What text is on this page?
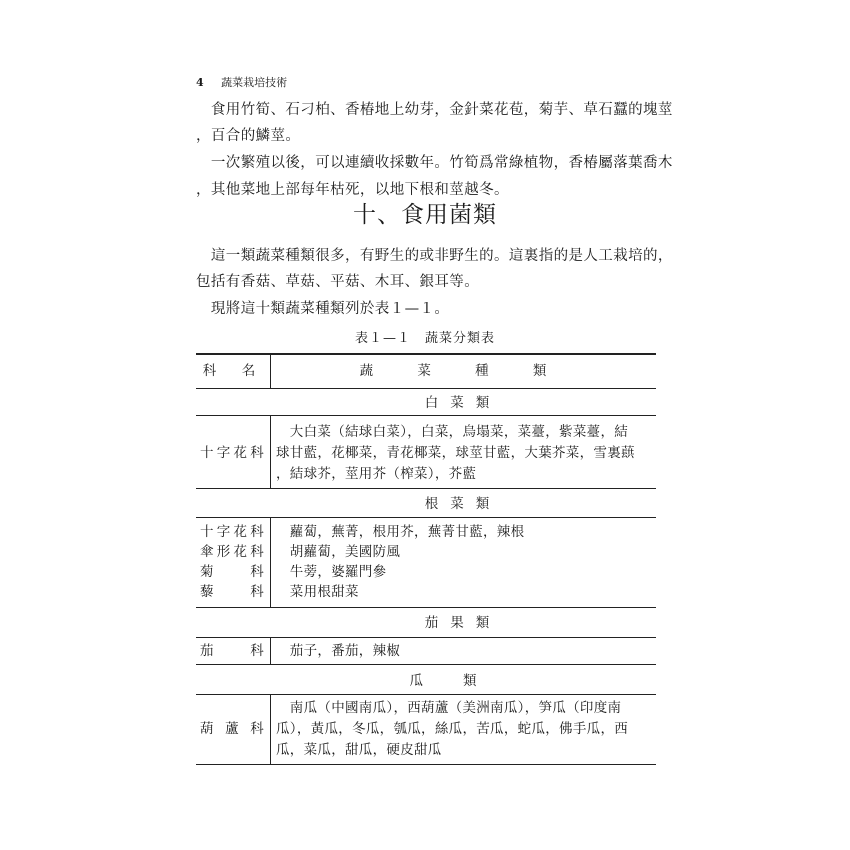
4 蔬菜栽培技術
　食用竹筍、石刁柏、香椿地上幼芽，金針菜花苞，菊芋、草石蠶的塊莖
，百合的鱗莖。
　一次繁殖以後，可以連續收採數年。竹筍爲常綠植物，香椿屬落葉喬木
，其他菜地上部每年枯死，以地下根和莖越冬。
十、食用菌類
　這一類蔬菜種類很多，有野生的或非野生的。這裏指的是人工栽培的，
包括有香菇、草菇、平菇、木耳、銀耳等。
　現將這十類蔬菜種類列於表１—１。
表１—１　蔬菜分類表
科　名	蔬 菜 種 類
白菜類
十字花科
　大白菜（結球白菜），白菜，烏塌菜，菜薹，紫菜薹，結
球甘藍，花椰菜，青花椰菜，球莖甘藍，大葉芥菜，雪裏蕻
，結球芥，莖用芥（榨菜），芥藍
根菜類
十字花科 　蘿蔔，蕪菁，根用芥，蕪菁甘藍，辣根
傘形花科 　胡蘿蔔，美國防風
菊科 　牛蒡，婆羅門參
藜科 　菜用根甜菜
茄果類
茄科 　茄子，番茄，辣椒
瓜類
葫蘆科
　南瓜（中國南瓜），西葫蘆（美洲南瓜），笋瓜（印度南
瓜），黃瓜，冬瓜，瓠瓜，絲瓜，苦瓜，蛇瓜，佛手瓜，西
瓜，菜瓜，甜瓜，硬皮甜瓜
